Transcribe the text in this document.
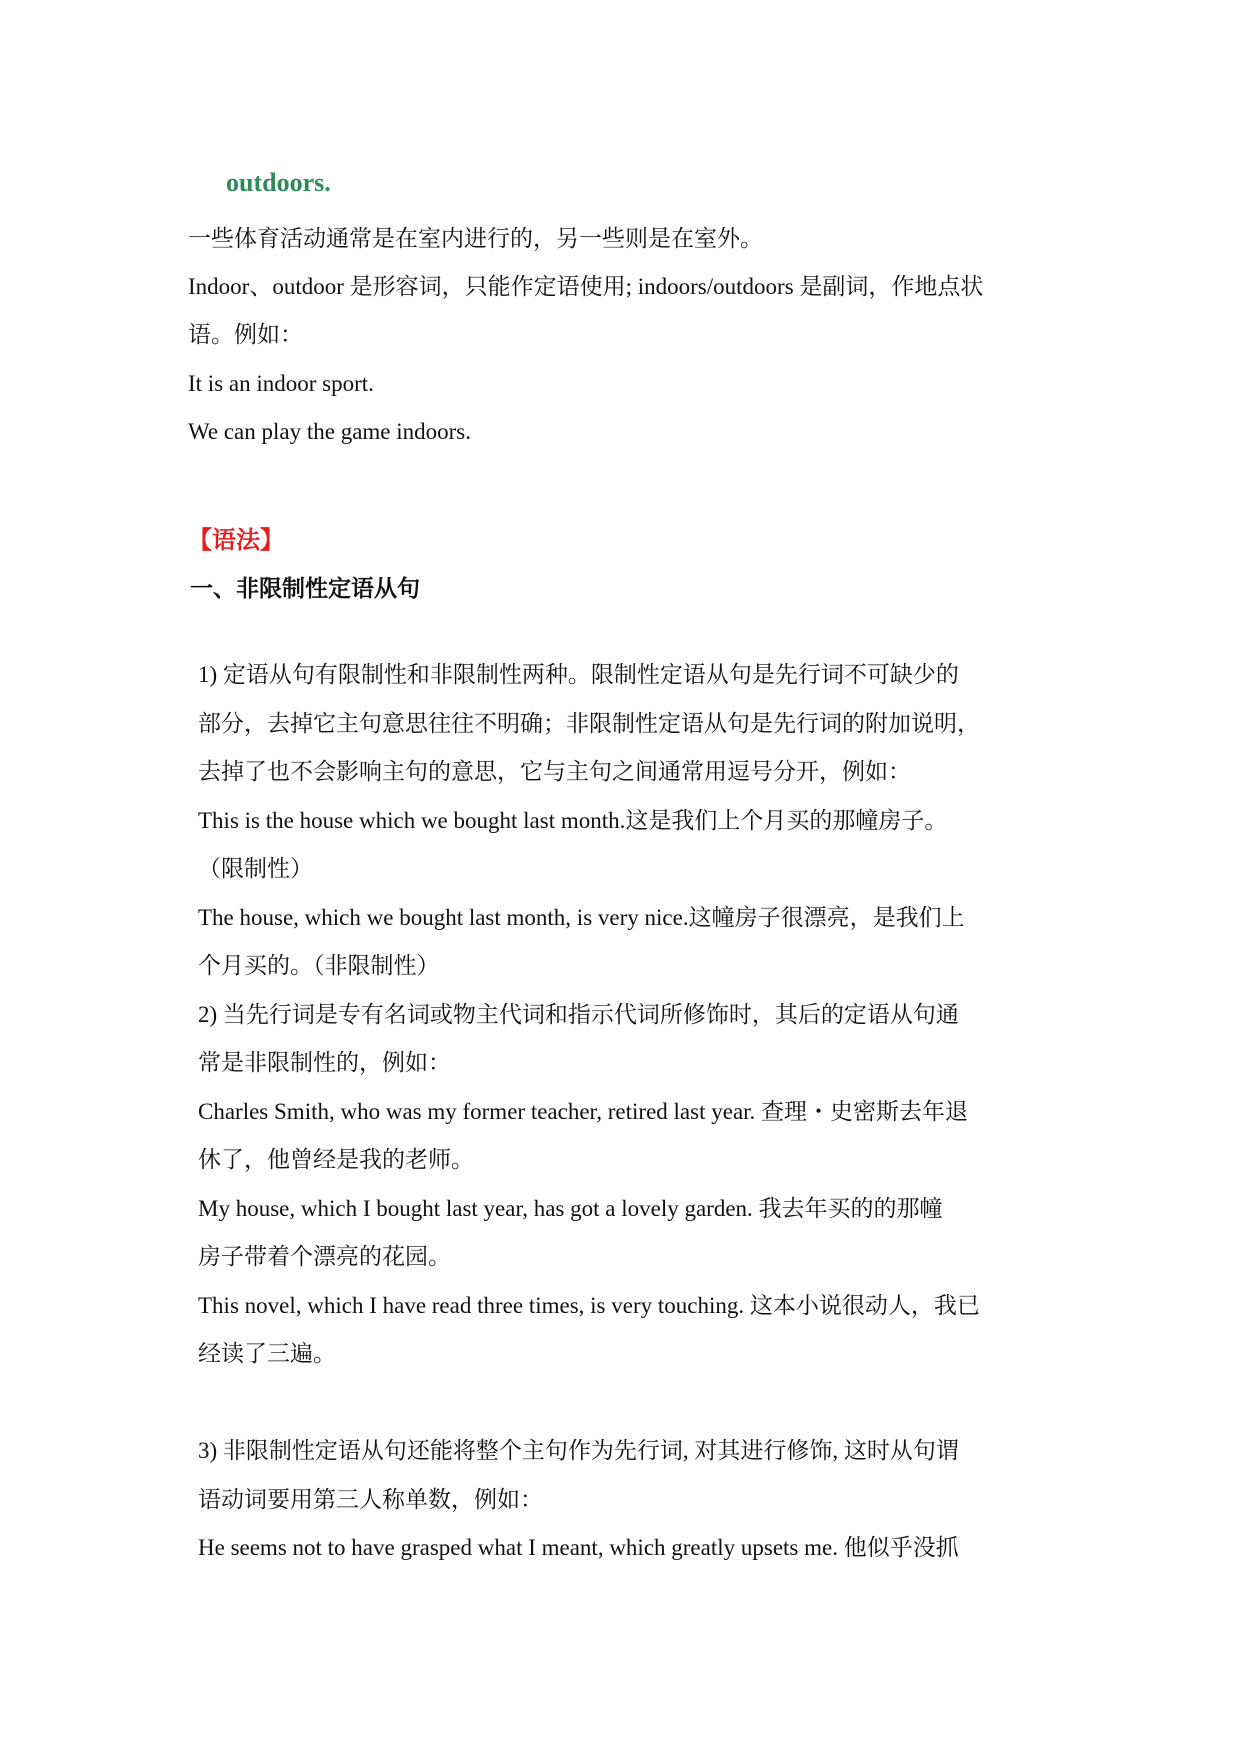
outdoors.
一些体育活动通常是在室内进行的，另一些则是在室外。
Indoor、outdoor 是形容词，只能作定语使用; indoors/outdoors 是副词，作地点状
语。例如：
It is an indoor sport.
We can play the game indoors.
【语法】
一、非限制性定语从句
1) 定语从句有限制性和非限制性两种。限制性定语从句是先行词不可缺少的
部分，去掉它主句意思往往不明确；非限制性定语从句是先行词的附加说明，
去掉了也不会影响主句的意思，它与主句之间通常用逗号分开，例如：
This is the house which we bought last month.这是我们上个月买的那幢房子。
（限制性）
The house, which we bought last month, is very nice.这幢房子很漂亮，是我们上
个月买的。（非限制性）
2) 当先行词是专有名词或物主代词和指示代词所修饰时，其后的定语从句通
常是非限制性的，例如：
Charles Smith, who was my former teacher, retired last year. 查理・史密斯去年退
休了，他曾经是我的老师。
My house, which I bought last year, has got a lovely garden. 我去年买的的那幢
房子带着个漂亮的花园。
This novel, which I have read three times, is very touching. 这本小说很动人，我已
经读了三遍。
3) 非限制性定语从句还能将整个主句作为先行词, 对其进行修饰, 这时从句谓
语动词要用第三人称单数，例如：
He seems not to have grasped what I meant, which greatly upsets me. 他似乎没抓
